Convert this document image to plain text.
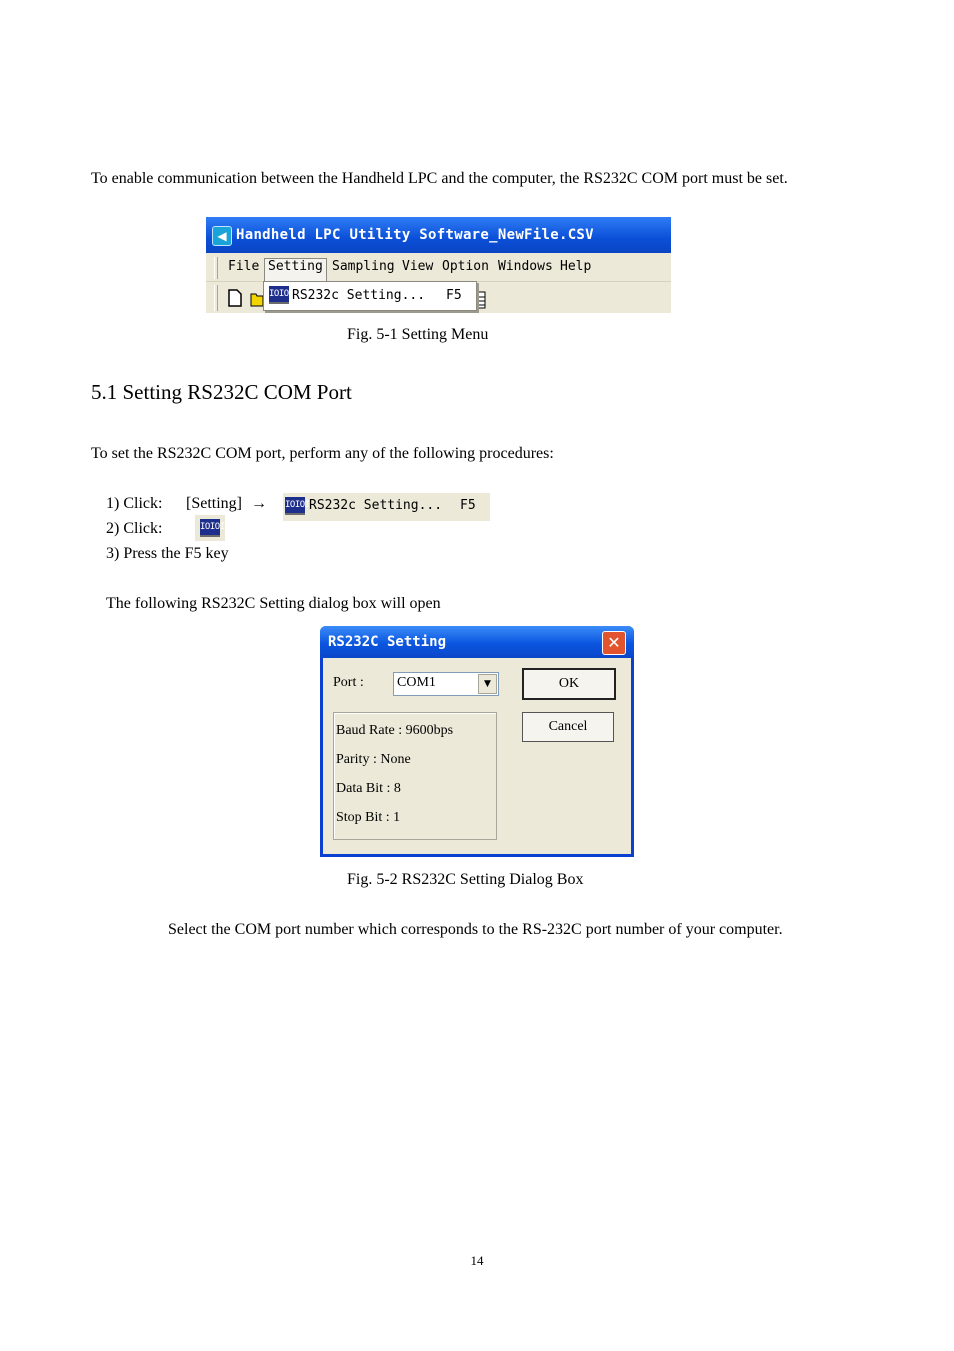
To enable communication between the Handheld LPC and the computer, the RS232C COM port must be set.
◀ Handheld LPC Utility Software_NewFile.CSV
File Setting Sampling View Option Windows Help
IOIOI
RS232c Setting... F5
Fig. 5-1 Setting Menu
5.1 Setting RS232C COM Port
To set the RS232C COM port, perform any of the following procedures:
1) Click: [Setting] → IOIOI RS232c Setting... F5
2) Click:	IOIOI
3) Press the F5 key
The following RS232C Setting dialog box will open
RS232C Setting	✕
Port : COM1	▼	OK
Cancel
Baud Rate : 9600bps
Parity : None
Data Bit : 8
Stop Bit : 1
Fig. 5-2 RS232C Setting Dialog Box
Select the COM port number which corresponds to the RS-232C port number of your computer.
14
